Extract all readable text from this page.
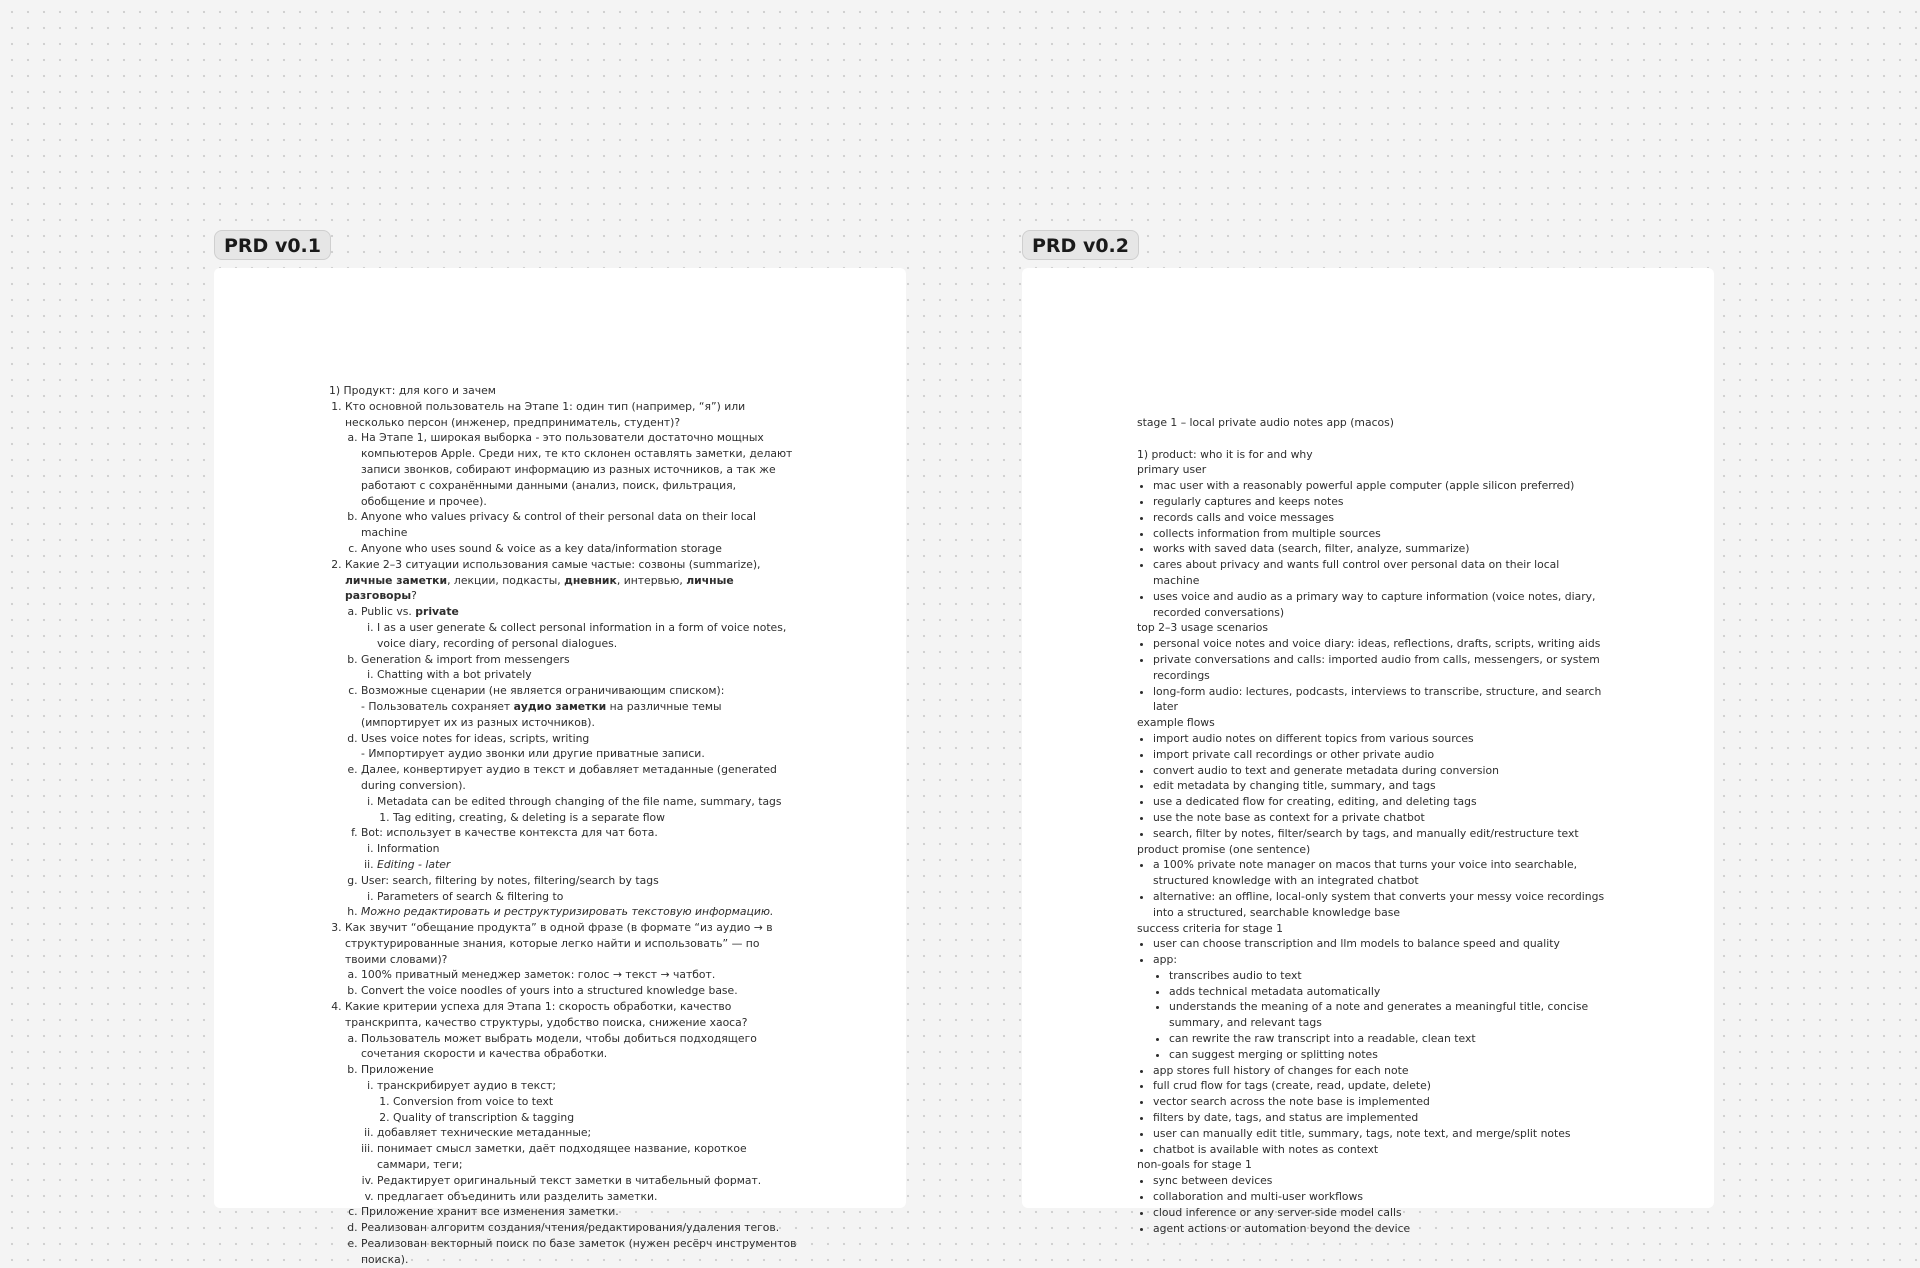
PRD v0.1

1) Продукт: для кого и зачем

1. Кто основной пользователь на Этапе 1: один тип (например, “я”) или несколько персон (инженер, предприниматель, студент)?
a. На Этапе 1, широкая выборка - это пользователи достаточно мощных компьютеров Apple. Среди них, те кто склонен оставлять заметки, делают записи звонков, собирают информацию из разных источников, а так же работают с сохранёнными данными (анализ, поиск, фильтрация, обобщение и прочее).
b. Anyone who values privacy & control of their personal data on their local machine
c. Anyone who uses sound & voice as a key data/information storage
2. Какие 2–3 ситуации использования самые частые: созвоны (summarize), личные заметки, лекции, подкасты, дневник, интервью, личные разговоры?
a. Public vs. private
i. I as a user generate & collect personal information in a form of voice notes, voice diary, recording of personal dialogues.
b. Generation & import from messengers
i. Chatting with a bot privately
c. Возможные сценарии (не является ограничивающим списком):
- Пользователь сохраняет аудио заметки на различные темы (импортирует их из разных источников).
d. Uses voice notes for ideas, scripts, writing
- Импортирует аудио звонки или другие приватные записи.
e. Далее, конвертирует аудио в текст и добавляет метаданные (generated during conversion).
i. Metadata can be edited through changing of the file name, summary, tags
1. Tag editing, creating, & deleting is a separate flow
f. Bot: использует в качестве контекста для чат бота.
i. Information
ii. Editing - later
g. User: search, filtering by notes, filtering/search by tags
i. Parameters of search & filtering to
h. Можно редактировать и реструктуризировать текстовую информацию.
3. Как звучит “обещание продукта” в одной фразе (в формате “из аудио → в структурированные знания, которые легко найти и использовать” — по твоими словами)?
a. 100% приватный менеджер заметок: голос → текст → чатбот.
b. Convert the voice noodles of yours into a structured knowledge base.
4. Какие критерии успеха для Этапа 1: скорость обработки, качество транскрипта, качество структуры, удобство поиска, снижение хаоса?
a. Пользователь может выбрать модели, чтобы добиться подходящего сочетания скорости и качества обработки.
b. Приложение
i. транскрибирует аудио в текст;
1. Conversion from voice to text
2. Quality of transcription & tagging
ii. добавляет технические метаданные;
iii. понимает смысл заметки, даёт подходящее название, короткое саммари, теги;
iv. Редактирует оригинальный текст заметки в читабельный формат.
v. предлагает объединить или разделить заметки.
c. Приложение хранит все изменения заметки.
d. Реализован алгоритм создания/чтения/редактирования/удаления тегов.
e. Реализован векторный поиск по базе заметок (нужен ресёрч инструментов поиска).
PRD v0.2

stage 1 – local private audio notes app (macos)

1) product: who it is for and why

primary user

• mac user with a reasonably powerful apple computer (apple silicon preferred)
• regularly captures and keeps notes
• records calls and voice messages
• collects information from multiple sources
• works with saved data (search, filter, analyze, summarize)
• cares about privacy and wants full control over personal data on their local machine
• uses voice and audio as a primary way to capture information (voice notes, diary, recorded conversations)

top 2–3 usage scenarios

• personal voice notes and voice diary: ideas, reflections, drafts, scripts, writing aids
• private conversations and calls: imported audio from calls, messengers, or system recordings
• long-form audio: lectures, podcasts, interviews to transcribe, structure, and search later

example flows

• import audio notes on different topics from various sources
• import private call recordings or other private audio
• convert audio to text and generate metadata during conversion
• edit metadata by changing title, summary, and tags
• use a dedicated flow for creating, editing, and deleting tags
• use the note base as context for a private chatbot
• search, filter by notes, filter/search by tags, and manually edit/restructure text

product promise (one sentence)

• a 100% private note manager on macos that turns your voice into searchable, structured knowledge with an integrated chatbot
• alternative: an offline, local-only system that converts your messy voice recordings into a structured, searchable knowledge base

success criteria for stage 1

• user can choose transcription and llm models to balance speed and quality
• app:
• transcribes audio to text
• adds technical metadata automatically
• understands the meaning of a note and generates a meaningful title, concise summary, and relevant tags
• can rewrite the raw transcript into a readable, clean text
• can suggest merging or splitting notes
• app stores full history of changes for each note
• full crud flow for tags (create, read, update, delete)
• vector search across the note base is implemented
• filters by date, tags, and status are implemented
• user can manually edit title, summary, tags, note text, and merge/split notes
• chatbot is available with notes as context

non-goals for stage 1

• sync between devices
• collaboration and multi-user workflows
• cloud inference or any server-side model calls
• agent actions or automation beyond the device
